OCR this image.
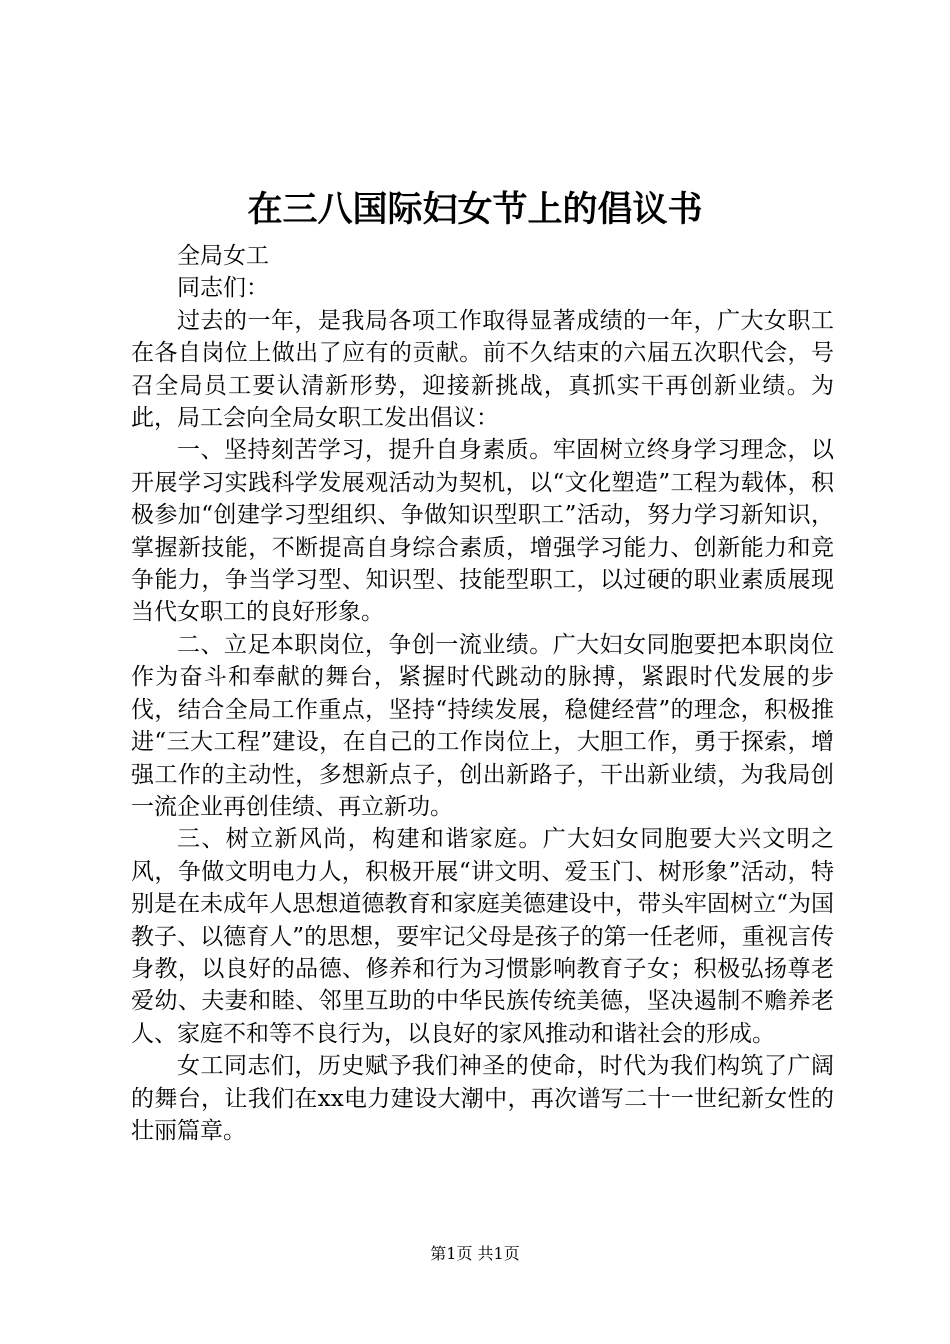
在三八国际妇女节上的倡议书

全局女工

同志们：

过去的一年，是我局各项工作取得显著成绩的一年，广大女职工在各自岗位上做出了应有的贡献。前不久结束的六届五次职代会，号召全局员工要认清新形势，迎接新挑战，真抓实干再创新业绩。为此，局工会向全局女职工发出倡议：

一、坚持刻苦学习，提升自身素质。牢固树立终身学习理念，以开展学习实践科学发展观活动为契机，以“文化塑造”工程为载体，积极参加“创建学习型组织、争做知识型职工”活动，努力学习新知识，掌握新技能，不断提高自身综合素质，增强学习能力、创新能力和竞争能力，争当学习型、知识型、技能型职工，以过硬的职业素质展现当代女职工的良好形象。

二、立足本职岗位，争创一流业绩。广大妇女同胞要把本职岗位作为奋斗和奉献的舞台，紧握时代跳动的脉搏，紧跟时代发展的步伐，结合全局工作重点，坚持“持续发展，稳健经营”的理念，积极推进“三大工程”建设，在自己的工作岗位上，大胆工作，勇于探索，增强工作的主动性，多想新点子，创出新路子，干出新业绩，为我局创一流企业再创佳绩、再立新功。

三、树立新风尚，构建和谐家庭。广大妇女同胞要大兴文明之风，争做文明电力人，积极开展“讲文明、爱玉门、树形象”活动，特别是在未成年人思想道德教育和家庭美德建设中，带头牢固树立“为国教子、以德育人”的思想，要牢记父母是孩子的第一任老师，重视言传身教，以良好的品德、修养和行为习惯影响教育子女；积极弘扬尊老爱幼、夫妻和睦、邻里互助的中华民族传统美德，坚决遏制不赡养老人、家庭不和等不良行为，以良好的家风推动和谐社会的形成。

女工同志们，历史赋予我们神圣的使命，时代为我们构筑了广阔的舞台，让我们在xx电力建设大潮中，再次谱写二十一世纪新女性的壮丽篇章。

第1页 共1页
